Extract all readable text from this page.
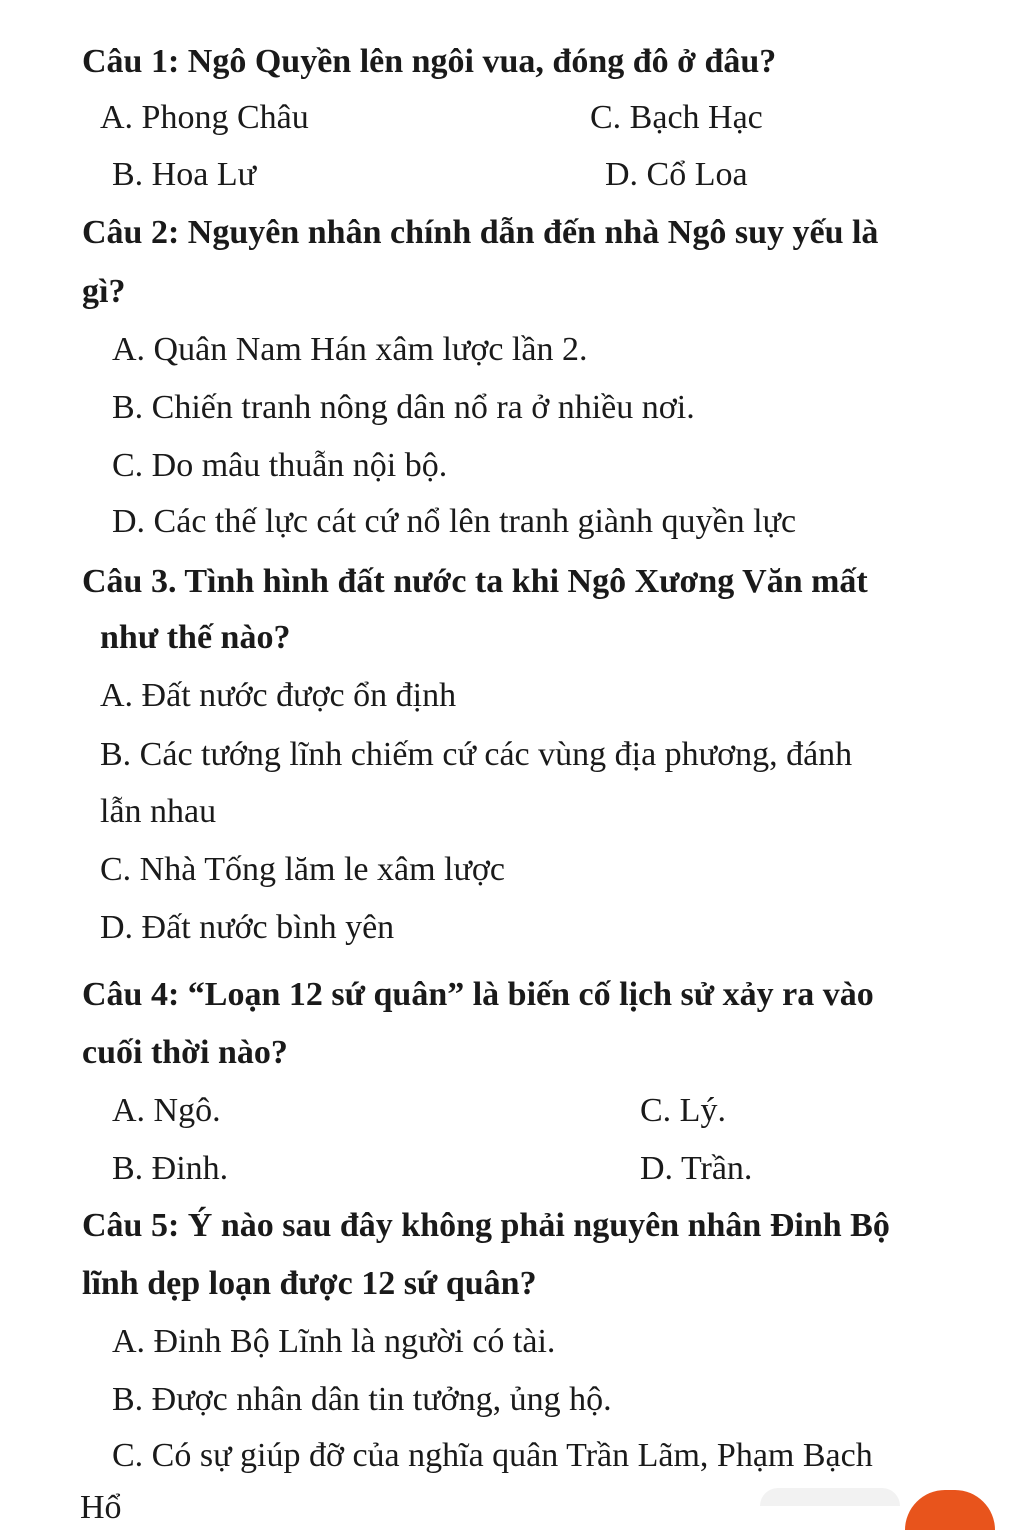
Câu 1: Ngô Quyền lên ngôi vua, đóng đô ở đâu?
A. Phong Châu	C. Bạch Hạc
B. Hoa Lư	D. Cổ Loa
Câu 2: Nguyên nhân chính dẫn đến nhà Ngô suy yếu là
gì?
A. Quân Nam Hán xâm lược lần 2.
B. Chiến tranh nông dân nổ ra ở nhiều nơi.
C. Do mâu thuẫn nội bộ.
D. Các thế lực cát cứ nổ lên tranh giành quyền lực
Câu 3. Tình hình đất nước ta khi Ngô Xương Văn mất
như thế nào?
A. Đất nước được ổn định
B. Các tướng lĩnh chiếm cứ các vùng địa phương, đánh
lẫn nhau
C. Nhà Tống lăm le xâm lược
D. Đất nước bình yên
Câu 4: “Loạn 12 sứ quân” là biến cố lịch sử xảy ra vào
cuối thời nào?
A. Ngô.	C. Lý.
B. Đinh.	D. Trần.
Câu 5: Ý nào sau đây không phải nguyên nhân Đinh Bộ
lĩnh dẹp loạn được 12 sứ quân?
A. Đinh Bộ Lĩnh là người có tài.
B. Được nhân dân tin tưởng, ủng hộ.
C. Có sự giúp đỡ của nghĩa quân Trần Lãm, Phạm Bạch
Hổ
